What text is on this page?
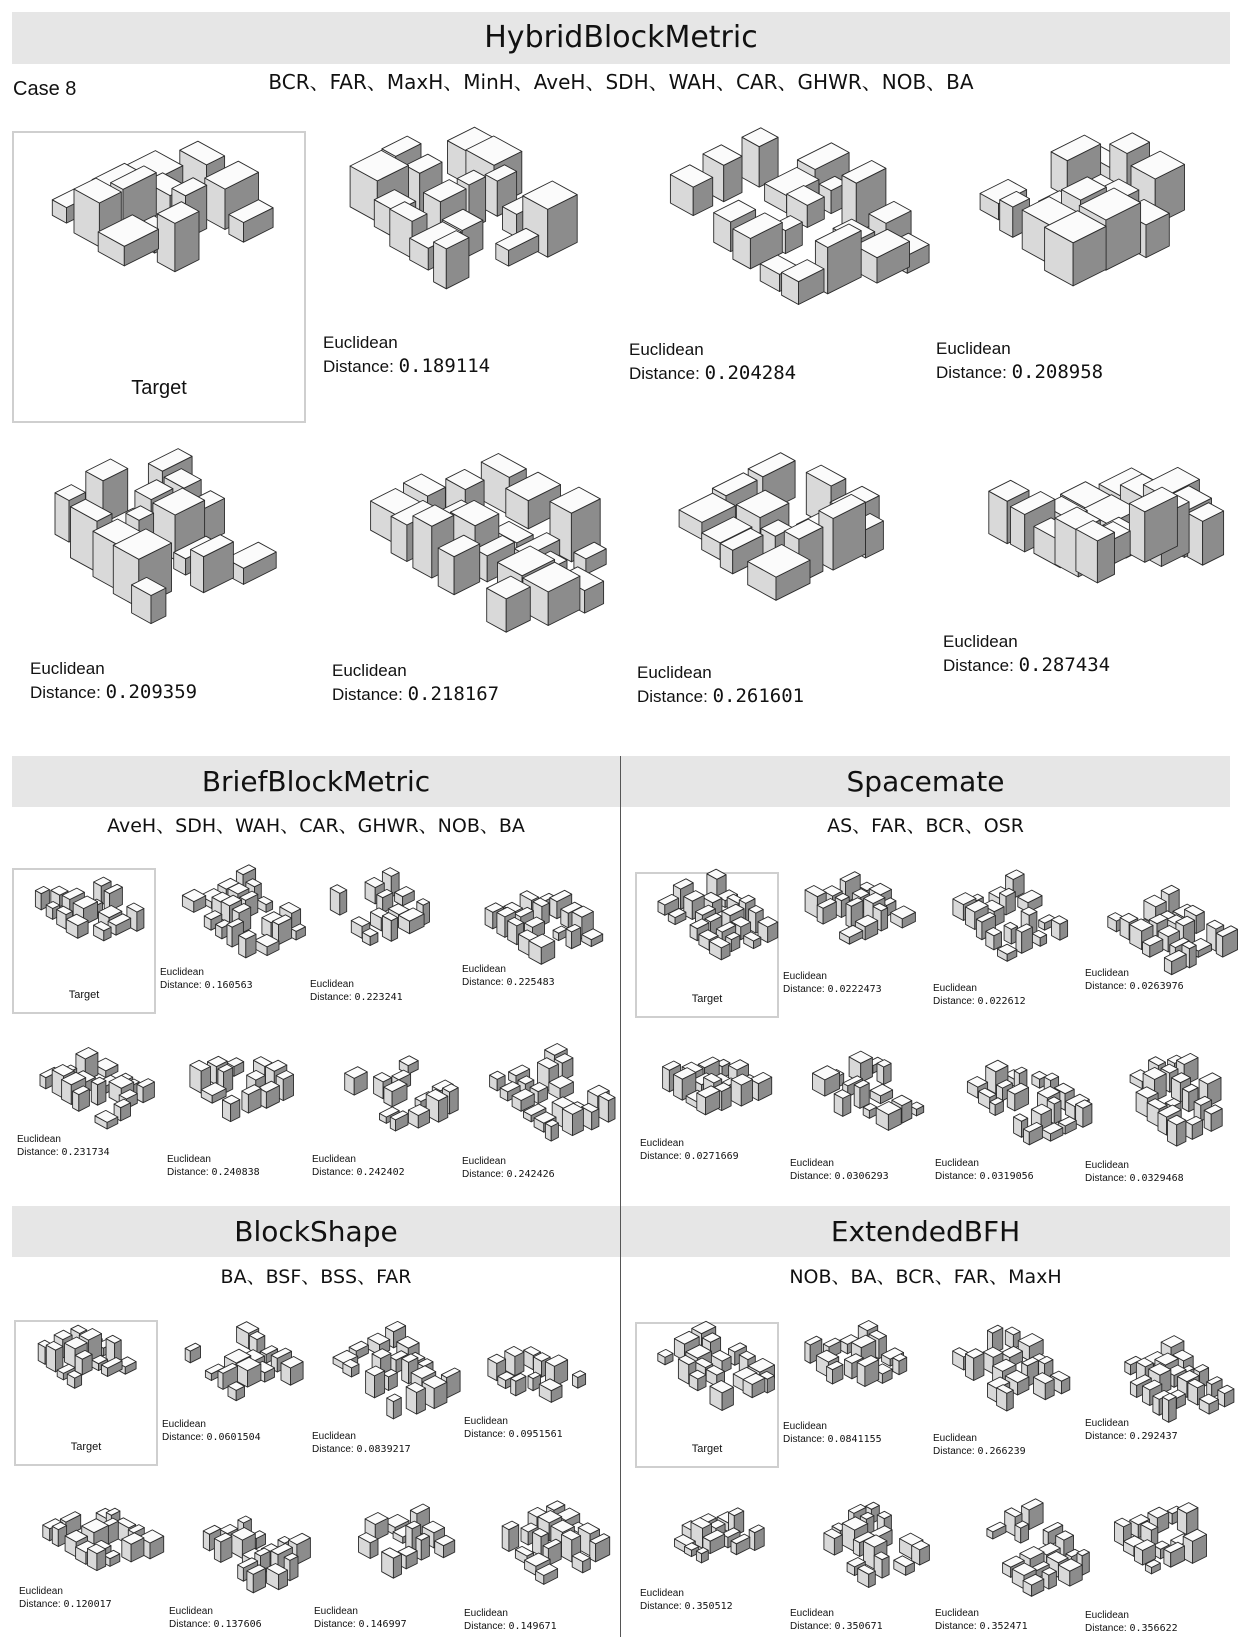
HybridBlockMetric
BCR、FAR、MaxH、MinH、AveH、SDH、WAH、CAR、GHWR、NOB、BA
Case 8
BriefBlockMetric
AveH、SDH、WAH、CAR、GHWR、NOB、BA
Spacemate
AS、FAR、BCR、OSR
BlockShape
BA、BSF、BSS、FAR
ExtendedBFH
NOB、BA、BCR、FAR、MaxH
Target
Euclidean
Distance: 0.189114
Euclidean
Distance: 0.204284
Euclidean
Distance: 0.208958
Euclidean
Distance: 0.209359
Euclidean
Distance: 0.218167
Euclidean
Distance: 0.261601
Euclidean
Distance: 0.287434
Target
Euclidean
Distance: 0.160563	Euclidean
Distance: 0.223241
Euclidean
Distance: 0.225483
Euclidean
Distance: 0.231734
Euclidean
Distance: 0.240838
Euclidean
Distance: 0.242402
Euclidean
Distance: 0.242426
Target
Euclidean
Distance: 0.0222473	Euclidean
Distance: 0.022612
Euclidean
Distance: 0.0263976
Euclidean
Distance: 0.0271669
Euclidean
Distance: 0.0306293
Euclidean
Distance: 0.0319056
Euclidean
Distance: 0.0329468
Target
Euclidean
Distance: 0.0601504	Euclidean
Distance: 0.0839217
Euclidean
Distance: 0.0951561
Euclidean
Distance: 0.120017
Euclidean
Distance: 0.137606
Euclidean
Distance: 0.146997
Euclidean
Distance: 0.149671
Target
Euclidean
Distance: 0.0841155	Euclidean
Distance: 0.266239
Euclidean
Distance: 0.292437
Euclidean
Distance: 0.350512
Euclidean
Distance: 0.350671
Euclidean
Distance: 0.352471
Euclidean
Distance: 0.356622
